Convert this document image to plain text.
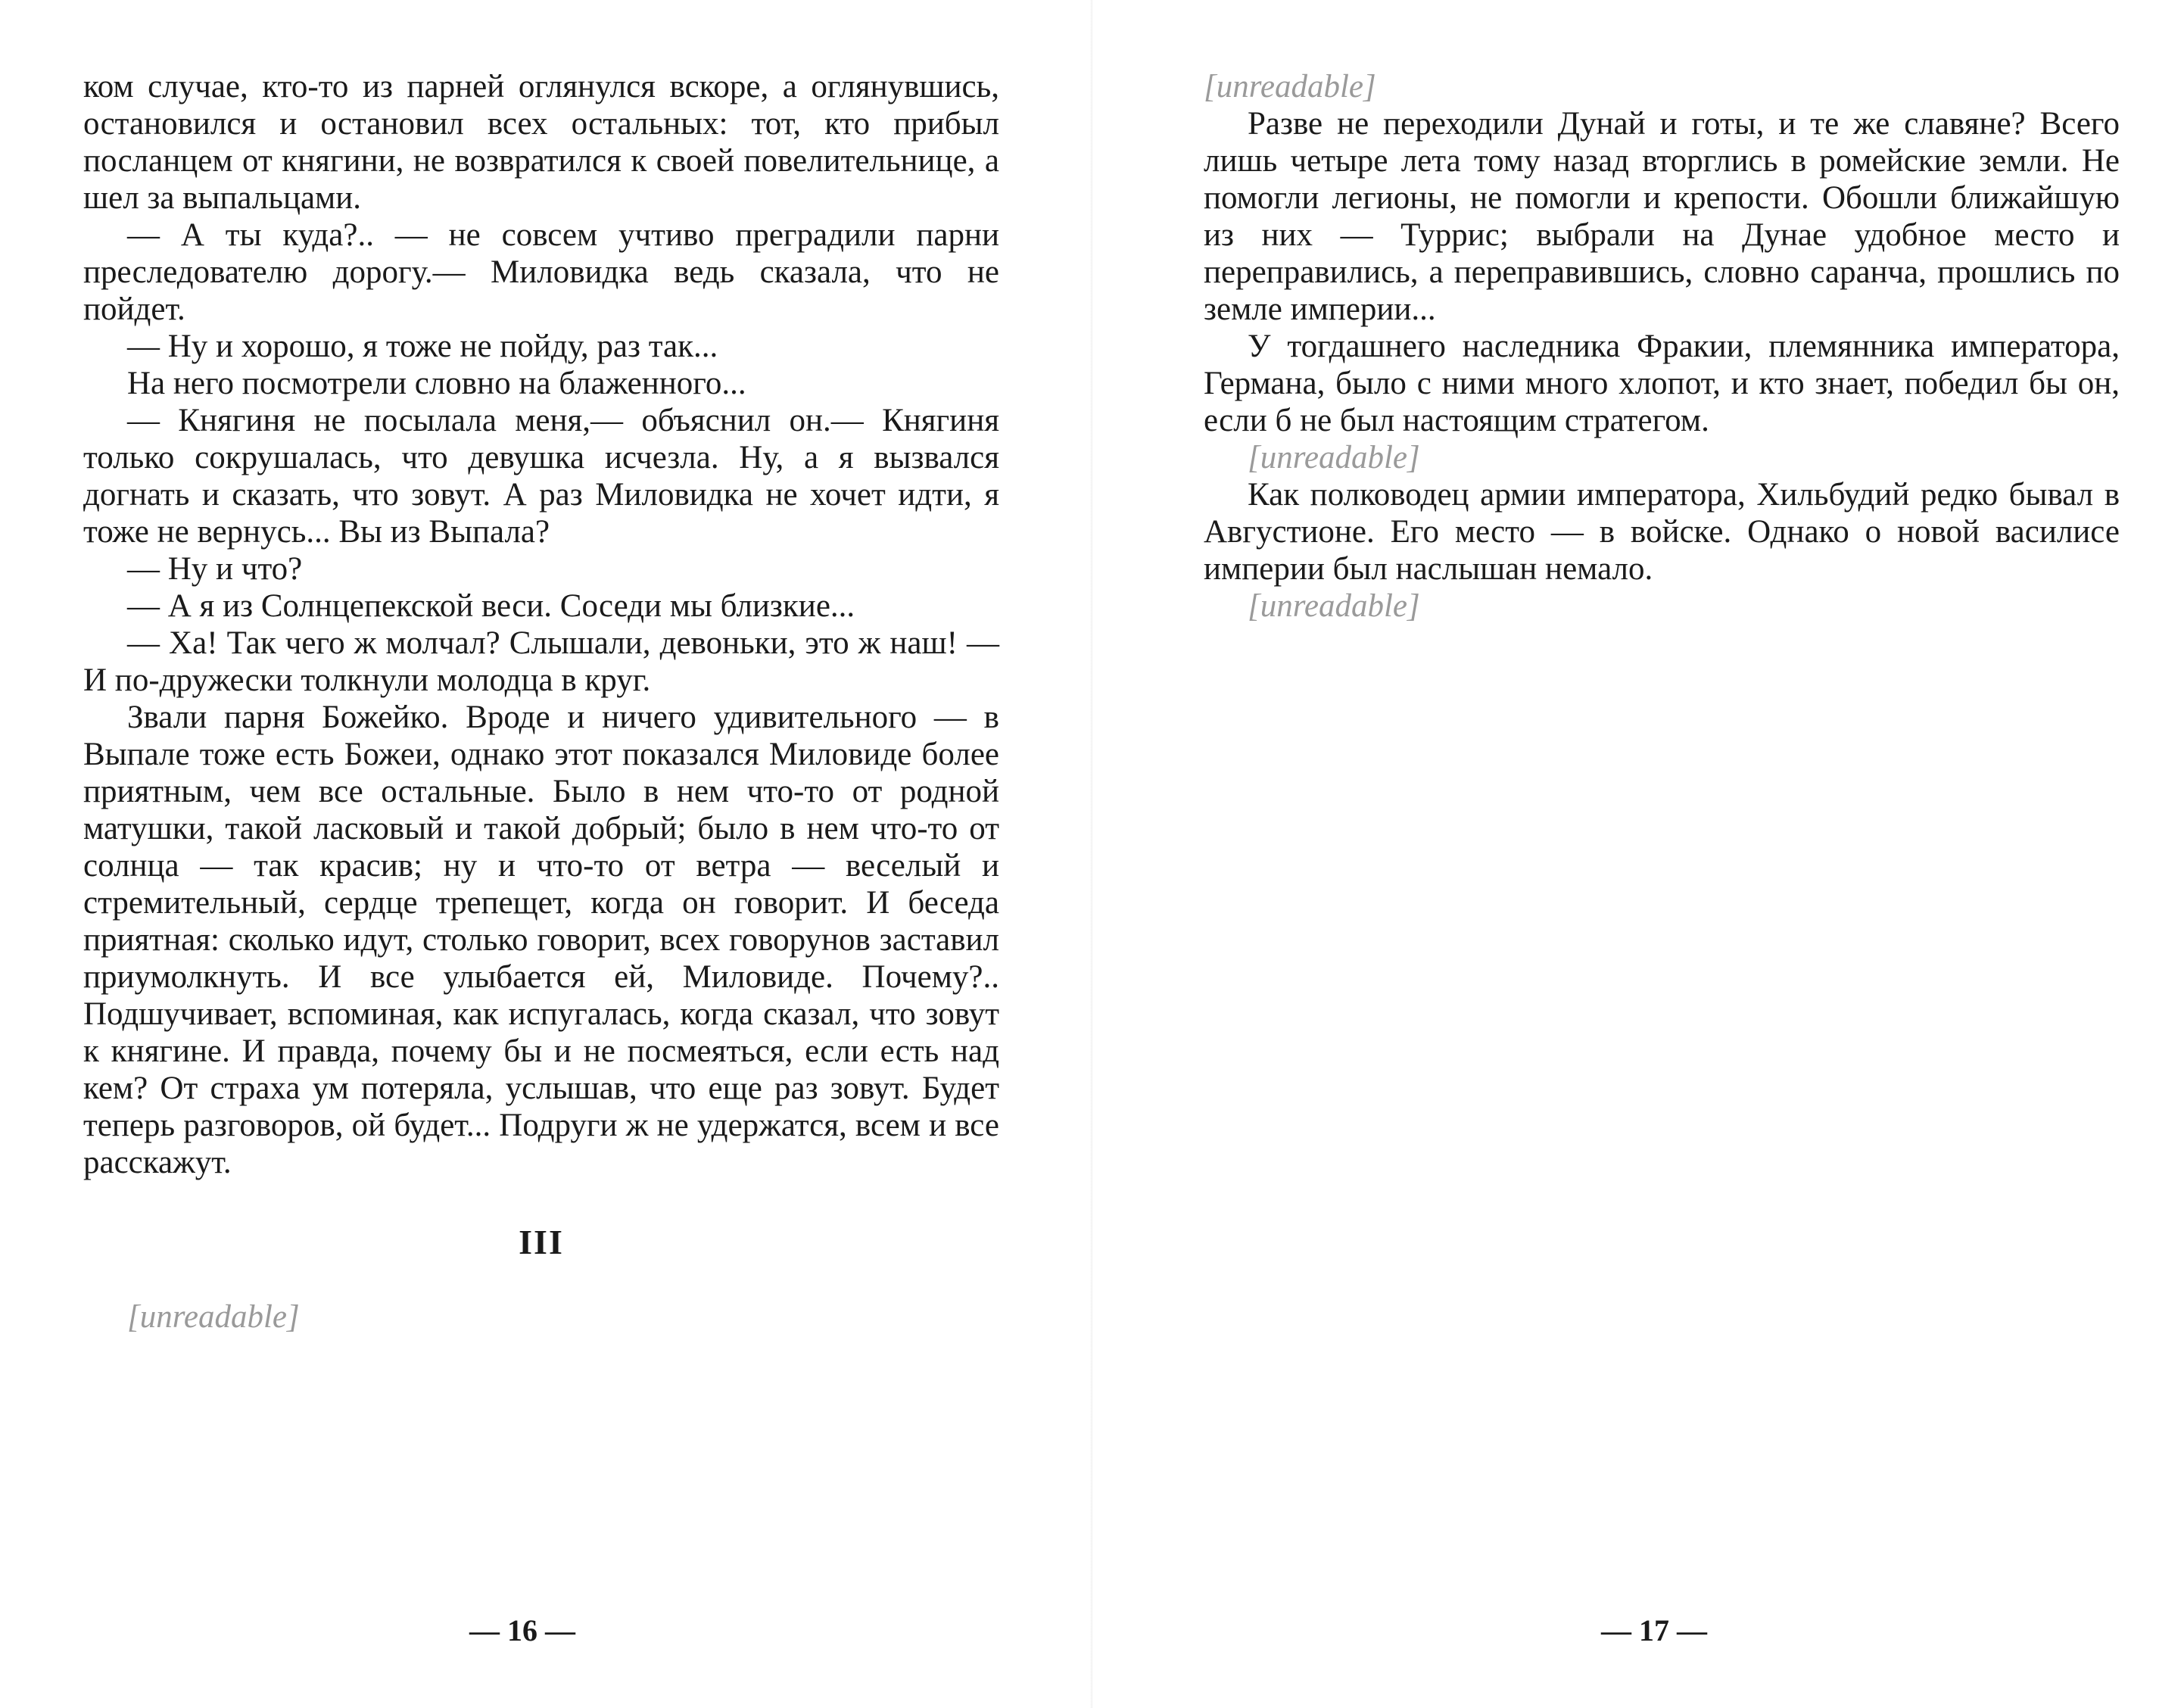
ком случае, кто-то из парней оглянулся вскоре, а оглянувшись, остановился и остановил всех остальных: тот, кто прибыл посланцем от княгини, не возвратился к своей повелительнице, а шел за выпальцами.

— А ты куда?.. — не совсем учтиво преградили парни преследователю дорогу.— Миловидка ведь сказала, что не пойдет.

— Ну и хорошо, я тоже не пойду, раз так...

На него посмотрели словно на блаженного...

— Княгиня не посылала меня,— объяснил он.— Княгиня только сокрушалась, что девушка исчезла. Ну, а я вызвался догнать и сказать, что зовут. А раз Миловидка не хочет идти, я тоже не вернусь... Вы из Выпала?

— Ну и что?

— А я из Солнцепекской веси. Соседи мы близкие...

— Ха! Так чего ж молчал? Слышали, девоньки, это ж наш! — И по-дружески толкнули молодца в круг.

Звали парня Божейко. Вроде и ничего удивительного — в Выпале тоже есть Божеи, однако этот показался Миловиде более приятным, чем все остальные. Было в нем что-то от родной матушки, такой ласковый и такой добрый; было в нем что-то от солнца — так красив; ну и что-то от ветра — веселый и стремительный, сердце трепещет, когда он говорит. И беседа приятная: сколько идут, столько говорит, всех говорунов заставил приумолкнуть. И все улыбается ей, Миловиде. Почему?.. Подшучивает, вспоминая, как испугалась, когда сказал, что зовут к княгине. И правда, почему бы и не посмеяться, если есть над кем? От страха ум потеряла, услышав, что еще раз зовут. Будет теперь разговоров, ой будет... Подруги ж не удержатся, всем и все расскажут.

III

[unreadable]

[unreadable]

Разве не переходили Дунай и готы, и те же славяне? Всего лишь четыре лета тому назад вторглись в ромейские земли. Не помогли легионы, не помогли и крепости. Обошли ближайшую из них — Туррис; выбрали на Дунае удобное место и переправились, а переправившись, словно саранча, прошлись по земле империи...

У тогдашнего наследника Фракии, племянника императора, Германа, было с ними много хлопот, и кто знает, победил бы он, если б не был настоящим стратегом.

[unreadable]

Как полководец армии императора, Хильбудий редко бывал в Августионе. Его место — в войске. Однако о новой василисе империи был наслышан немало.

[unreadable]

— 16 —	— 17 —
